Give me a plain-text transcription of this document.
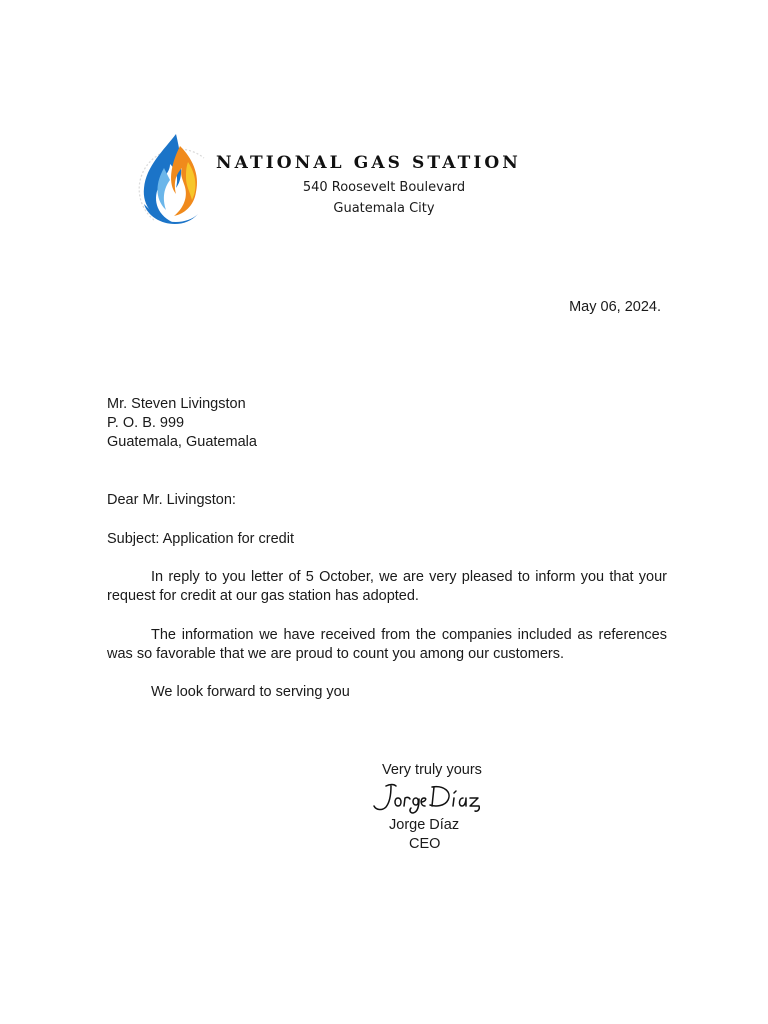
NATIONAL GAS STATION
540 Roosevelt Boulevard
Guatemala City
May 06, 2024.
Mr. Steven Livingston
P. O. B. 999
Guatemala, Guatemala
Dear Mr. Livingston:
Subject: Application for credit

In reply to you letter of 5 October, we are very pleased to inform you that your request for credit at our gas station has adopted.

The information we have received from the companies included as references was so favorable that we are proud to count you among our customers.

We look forward to serving you

Very truly yours
Jorge Díaz
CEO
